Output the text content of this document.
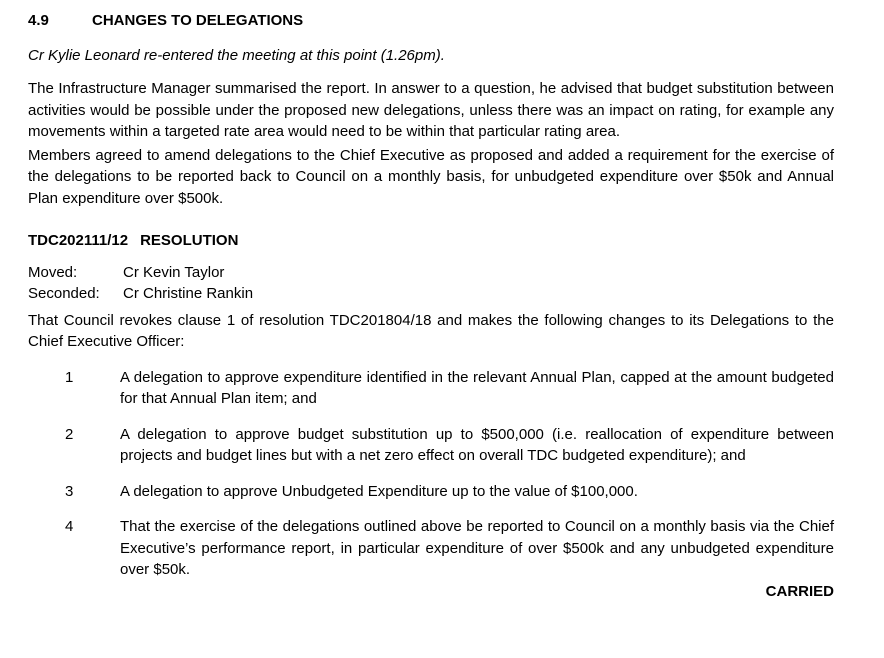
4.9	CHANGES TO DELEGATIONS
Cr Kylie Leonard re-entered the meeting at this point (1.26pm).
The Infrastructure Manager summarised the report. In answer to a question, he advised that budget substitution between activities would be possible under the proposed new delegations, unless there was an impact on rating, for example any movements within a targeted rate area would need to be within that particular rating area.
Members agreed to amend delegations to the Chief Executive as proposed and added a requirement for the exercise of the delegations to be reported back to Council on a monthly basis, for unbudgeted expenditure over $50k and Annual Plan expenditure over $500k.
TDC202111/12 RESOLUTION
Moved:	Cr Kevin Taylor
Seconded:	Cr Christine Rankin
That Council revokes clause 1 of resolution TDC201804/18 and makes the following changes to its Delegations to the Chief Executive Officer:
1	A delegation to approve expenditure identified in the relevant Annual Plan, capped at the amount budgeted for that Annual Plan item; and
2	A delegation to approve budget substitution up to $500,000 (i.e. reallocation of expenditure between projects and budget lines but with a net zero effect on overall TDC budgeted expenditure); and
3	A delegation to approve Unbudgeted Expenditure up to the value of $100,000.
4	That the exercise of the delegations outlined above be reported to Council on a monthly basis via the Chief Executive’s performance report, in particular expenditure of over $500k and any unbudgeted expenditure over $50k.
CARRIED
